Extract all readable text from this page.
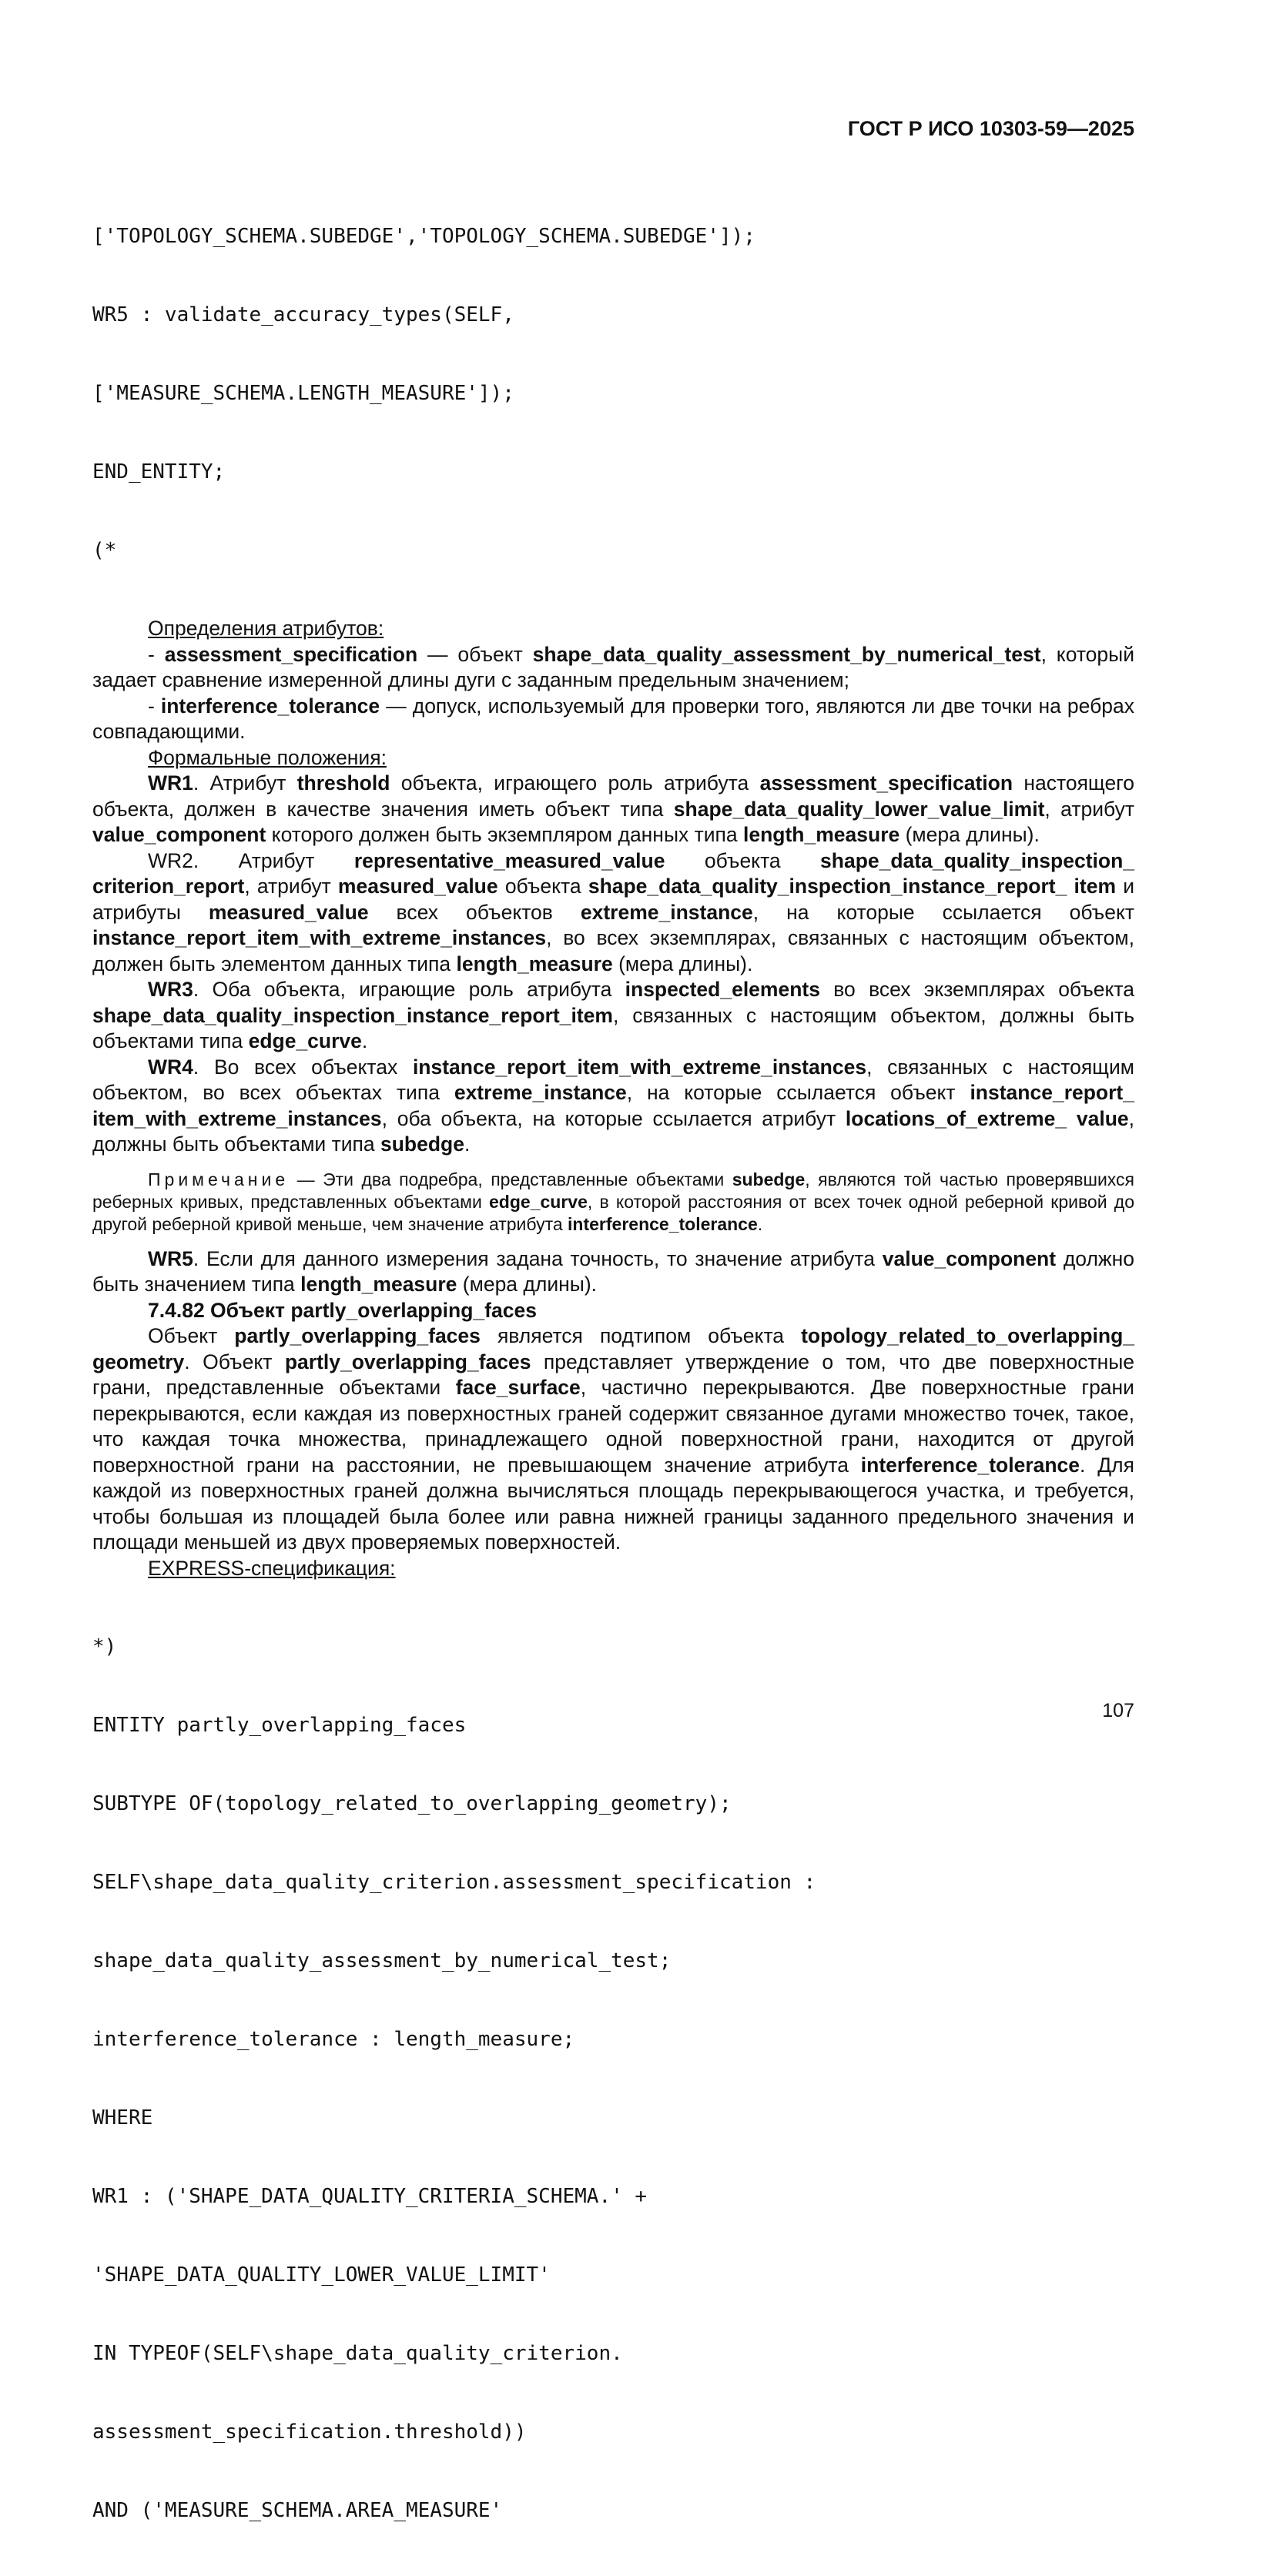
ГОСТ Р ИСО 10303-59—2025

['TOPOLOGY_SCHEMA.SUBEDGE','TOPOLOGY_SCHEMA.SUBEDGE']);

WR5 : validate_accuracy_types(SELF,

['MEASURE_SCHEMA.LENGTH_MEASURE']);

END_ENTITY;

(*

Определения атрибутов:

- assessment_specification — объект shape_data_quality_assessment_by_numerical_test, который задает сравнение измеренной длины дуги с заданным предельным значением;

- interference_tolerance — допуск, используемый для проверки того, являются ли две точки на ребрах совпадающими.

Формальные положения:

WR1. Атрибут threshold объекта, играющего роль атрибута assessment_specification настоящего объекта, должен в качестве значения иметь объект типа shape_data_quality_lower_value_limit, атрибут value_component которого должен быть экземпляром данных типа length_measure (мера длины).

WR2. Атрибут representative_measured_value объекта shape_data_quality_inspection_ criterion_report, атрибут measured_value объекта shape_data_quality_inspection_instance_report_ item и атрибуты measured_value всех объектов extreme_instance, на которые ссылается объект instance_report_item_with_extreme_instances, во всех экземплярах, связанных с настоящим объектом, должен быть элементом данных типа length_measure (мера длины).

WR3. Оба объекта, играющие роль атрибута inspected_elements во всех экземплярах объекта shape_data_quality_inspection_instance_report_item, связанных с настоящим объектом, должны быть объектами типа edge_curve.

WR4. Во всех объектах instance_report_item_with_extreme_instances, связанных с настоящим объектом, во всех объектах типа extreme_instance, на которые ссылается объект instance_report_ item_with_extreme_instances, оба объекта, на которые ссылается атрибут locations_of_extreme_ value, должны быть объектами типа subedge.

Примечание — Эти два подребра, представленные объектами subedge, являются той частью проверявшихся реберных кривых, представленных объектами edge_curve, в которой расстояния от всех точек одной реберной кривой до другой реберной кривой меньше, чем значение атрибута interference_tolerance.

WR5. Если для данного измерения задана точность, то значение атрибута value_component должно быть значением типа length_measure (мера длины).

7.4.82 Объект partly_overlapping_faces

Объект partly_overlapping_faces является подтипом объекта topology_related_to_overlapping_ geometry. Объект partly_overlapping_faces представляет утверждение о том, что две поверхностные грани, представленные объектами face_surface, частично перекрываются. Две поверхностные грани перекрываются, если каждая из поверхностных граней содержит связанное дугами множество точек, такое, что каждая точка множества, принадлежащего одной поверхностной грани, находится от другой поверхностной грани на расстоянии, не превышающем значение атрибута interference_tolerance. Для каждой из поверхностных граней должна вычисляться площадь перекрывающегося участка, и требуется, чтобы большая из площадей была более или равна нижней границы заданного предельного значения и площади меньшей из двух проверяемых поверхностей.

EXPRESS-спецификация:

*)

ENTITY partly_overlapping_faces

SUBTYPE OF(topology_related_to_overlapping_geometry);

SELF\shape_data_quality_criterion.assessment_specification :

shape_data_quality_assessment_by_numerical_test;

interference_tolerance : length_measure;

WHERE

WR1 : ('SHAPE_DATA_QUALITY_CRITERIA_SCHEMA.' +

'SHAPE_DATA_QUALITY_LOWER_VALUE_LIMIT'

IN TYPEOF(SELF\shape_data_quality_criterion.

assessment_specification.threshold))

AND ('MEASURE_SCHEMA.AREA_MEASURE'

107
